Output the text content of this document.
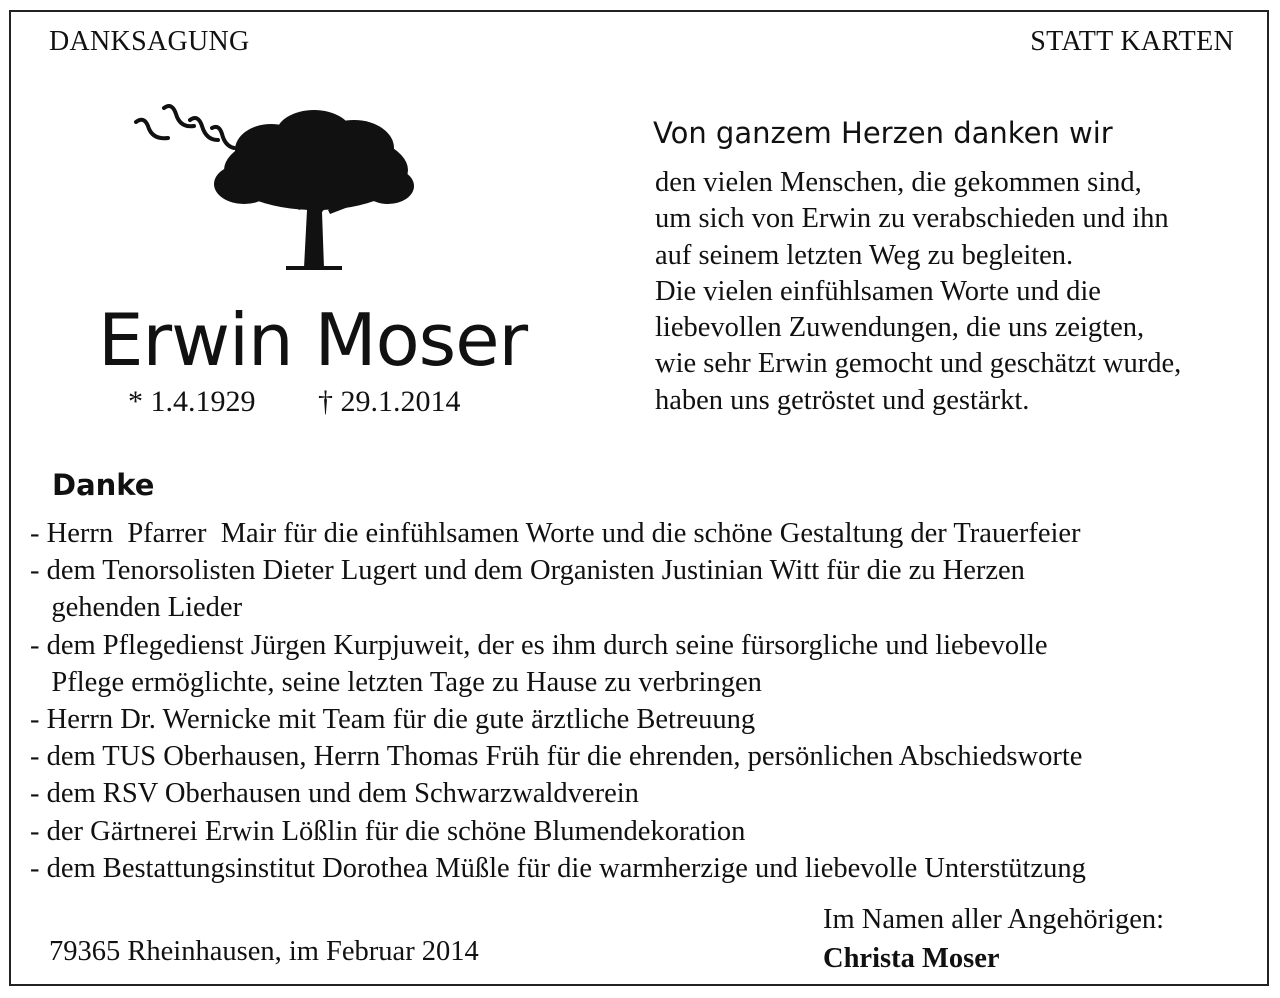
DANKSAGUNG	STATT KARTEN
Erwin Moser
* 1.4.1929 † 29.1.2014
Von ganzem Herzen danken wir
den vielen Menschen, die gekommen sind,
um sich von Erwin zu verabschieden und ihn
auf seinem letzten Weg zu begleiten.
Die vielen einfühlsamen Worte und die
liebevollen Zuwendungen, die uns zeigten,
wie sehr Erwin gemocht und geschätzt wurde,
haben uns getröstet und gestärkt.
Danke
- Herrn  Pfarrer  Mair für die einfühlsamen Worte und die schöne Gestaltung der Trauerfeier
- dem Tenorsolisten Dieter Lugert und dem Organisten Justinian Witt für die zu Herzen
gehenden Lieder
- dem Pflegedienst Jürgen Kurpjuweit, der es ihm durch seine fürsorgliche und liebevolle
Pflege ermöglichte, seine letzten Tage zu Hause zu verbringen
- Herrn Dr. Wernicke mit Team für die gute ärztliche Betreuung
- dem TUS Oberhausen, Herrn Thomas Früh für die ehrenden, persönlichen Abschiedsworte
- dem RSV Oberhausen und dem Schwarzwaldverein
- der Gärtnerei Erwin Lößlin für die schöne Blumendekoration
- dem Bestattungsinstitut Dorothea Müßle für die warmherzige und liebevolle Unterstützung
79365 Rheinhausen, im Februar 2014
Im Namen aller Angehörigen:
Christa Moser
